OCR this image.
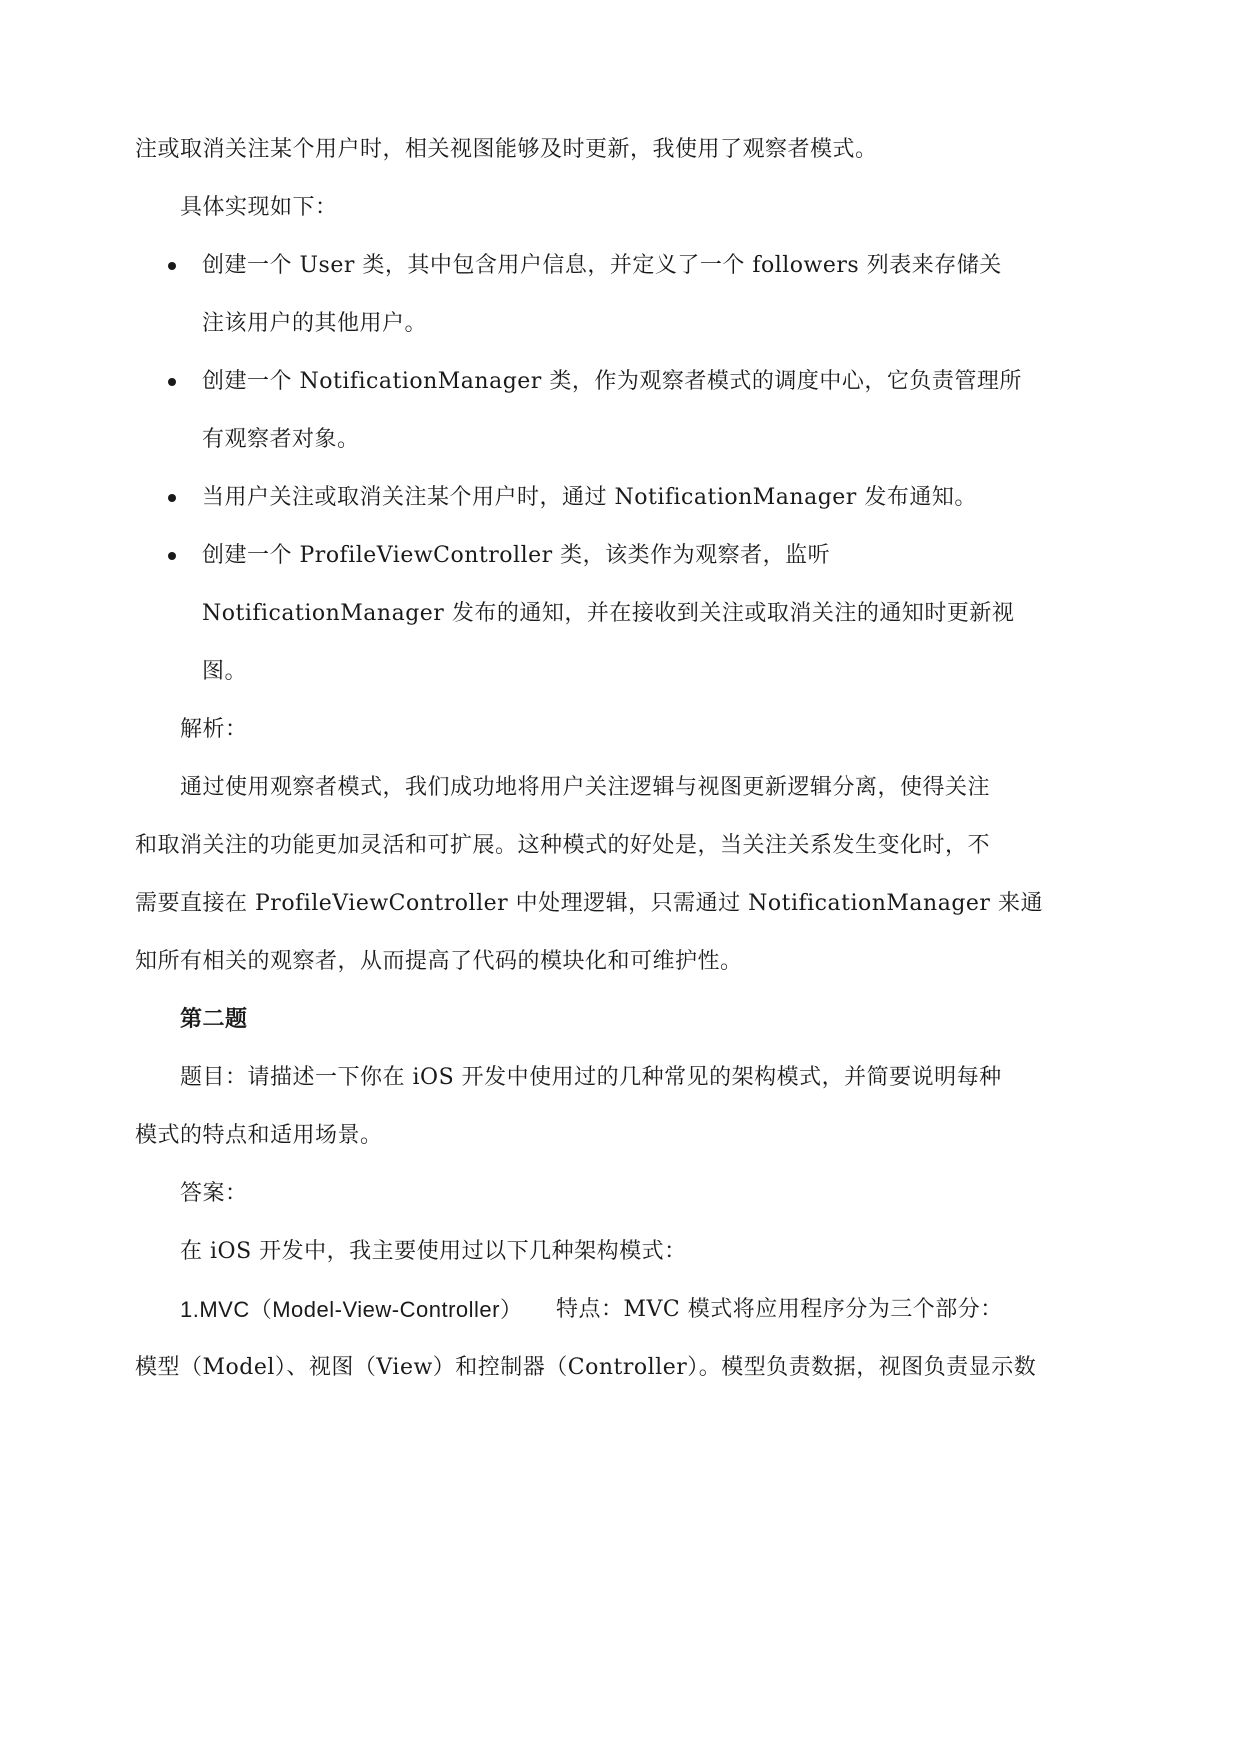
注或取消关注某个用户时，相关视图能够及时更新，我使用了观察者模式。
具体实现如下：
创建一个 User 类，其中包含用户信息，并定义了一个 followers 列表来存储关
注该用户的其他用户。
创建一个 NotificationManager 类，作为观察者模式的调度中心，它负责管理所
有观察者对象。
当用户关注或取消关注某个用户时，通过 NotificationManager 发布通知。
创建一个 ProfileViewController 类，该类作为观察者，监听
NotificationManager 发布的通知，并在接收到关注或取消关注的通知时更新视
图。
解析：
通过使用观察者模式，我们成功地将用户关注逻辑与视图更新逻辑分离，使得关注
和取消关注的功能更加灵活和可扩展。这种模式的好处是，当关注关系发生变化时，不
需要直接在 ProfileViewController 中处理逻辑，只需通过 NotificationManager 来通
知所有相关的观察者，从而提高了代码的模块化和可维护性。
第二题
题目：请描述一下你在 iOS 开发中使用过的几种常见的架构模式，并简要说明每种
模式的特点和适用场景。
答案：
在 iOS 开发中，我主要使用过以下几种架构模式：
1.MVC（Model-View-Controller） 特点：MVC 模式将应用程序分为三个部分：
模型（Model）、视图（View）和控制器（Controller）。模型负责数据，视图负责显示数
